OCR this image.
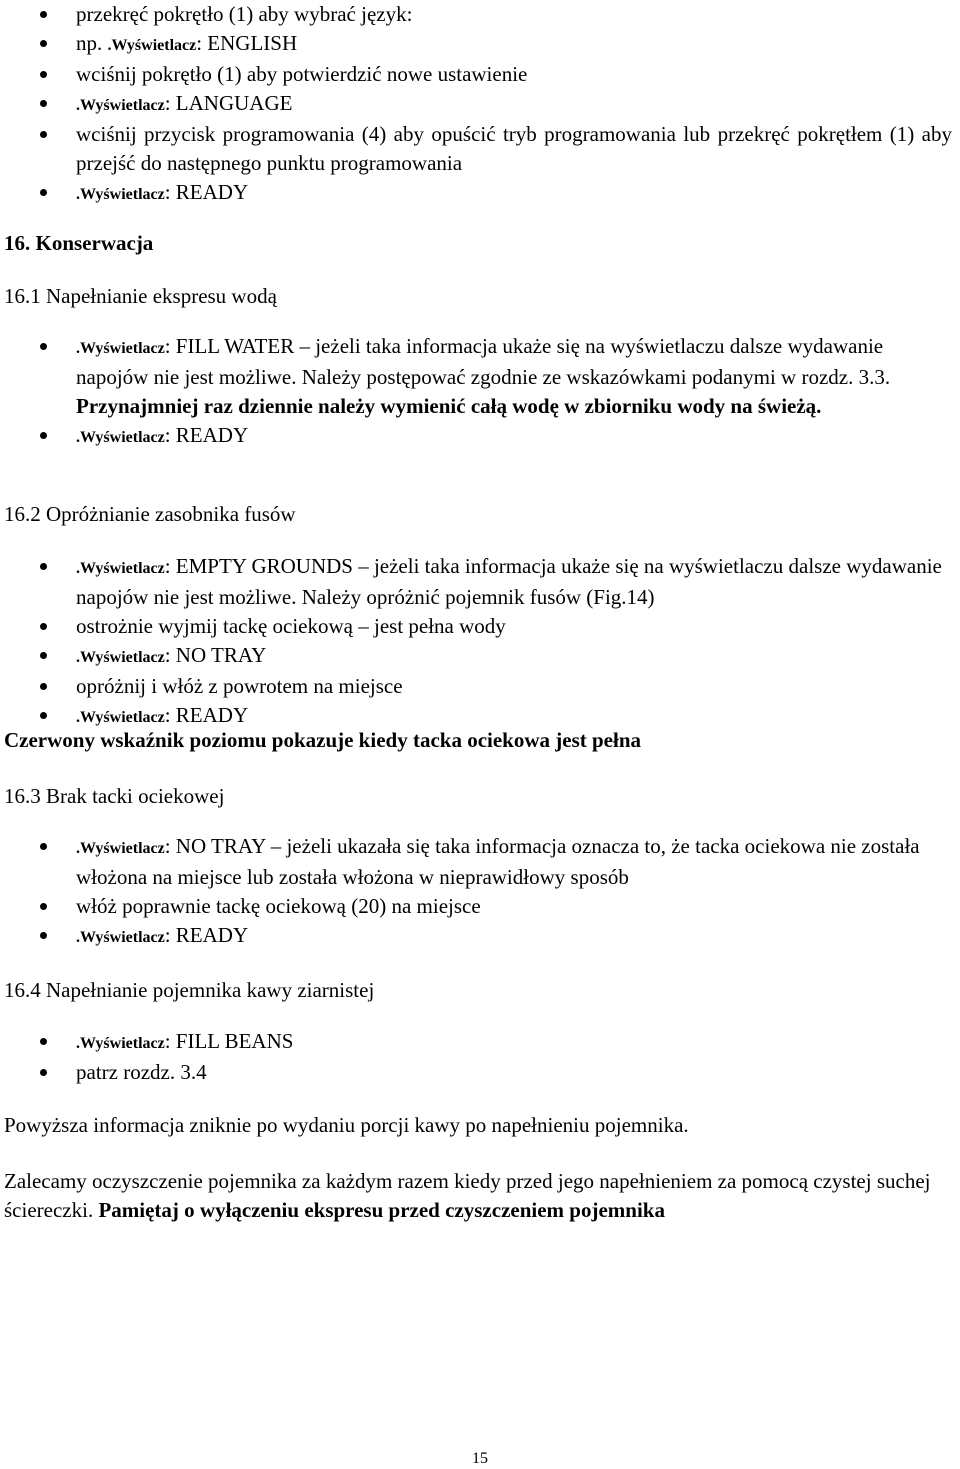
przekręć pokrętło (1) aby wybrać język:
np. .Wyświetlacz: ENGLISH
wciśnij pokrętło (1) aby potwierdzić nowe ustawienie
.Wyświetlacz: LANGUAGE
wciśnij przycisk programowania (4) aby opuścić tryb programowania lub przekręć pokrętłem (1) aby przejść do następnego punktu programowania
.Wyświetlacz: READY
16. Konserwacja
16.1 Napełnianie ekspresu wodą
.Wyświetlacz: FILL WATER – jeżeli taka informacja ukaże się na wyświetlaczu dalsze wydawanie napojów nie jest możliwe. Należy postępować zgodnie ze wskazówkami podanymi w rozdz. 3.3. Przynajmniej raz dziennie należy wymienić całą wodę w zbiorniku wody na świeżą.
.Wyświetlacz: READY
16.2 Opróżnianie zasobnika fusów
.Wyświetlacz: EMPTY GROUNDS – jeżeli taka informacja ukaże się na wyświetlaczu dalsze wydawanie napojów nie jest możliwe. Należy opróżnić pojemnik fusów (Fig.14)
ostrożnie wyjmij tackę ociekową – jest pełna wody
.Wyświetlacz: NO TRAY
opróżnij i włóż z powrotem na miejsce
.Wyświetlacz: READY

Czerwony wskaźnik poziomu pokazuje kiedy tacka ociekowa jest pełna

16.3 Brak tacki ociekowej
.Wyświetlacz: NO TRAY – jeżeli ukazała się taka informacja oznacza to, że tacka ociekowa nie została włożona na miejsce lub została włożona w nieprawidłowy sposób
włóż poprawnie tackę ociekową (20) na miejsce
.Wyświetlacz: READY
16.4 Napełnianie pojemnika kawy ziarnistej
.Wyświetlacz: FILL BEANS
patrz rozdz. 3.4

Powyższa informacja zniknie po wydaniu porcji kawy po napełnieniu pojemnika.

Zalecamy oczyszczenie pojemnika za każdym razem kiedy przed jego napełnieniem za pomocą czystej suchej ściereczki. Pamiętaj o wyłączeniu ekspresu przed czyszczeniem pojemnika

15
